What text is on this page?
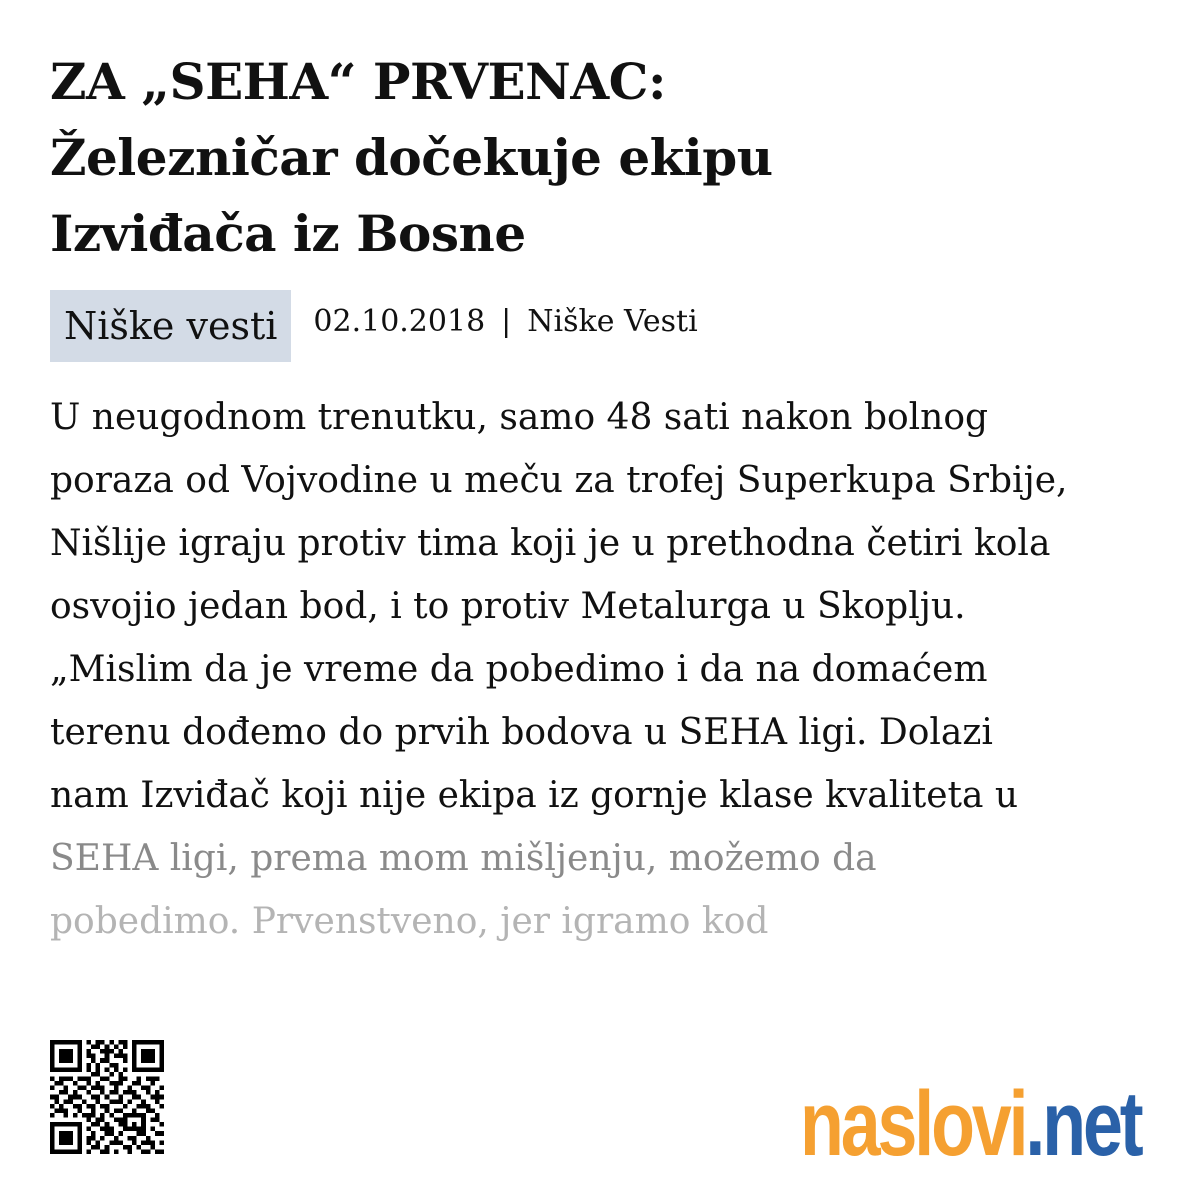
ZA „SEHA“ PRVENAC:
Železničar dočekuje ekipu
Izviđača iz Bosne
Niške vesti	02.10.2018 | Niške Vesti
U neugodnom trenutku, samo 48 sati nakon bolnog
poraza od Vojvodine u meču za trofej Superkupa Srbije,
Nišlije igraju protiv tima koji je u prethodna četiri kola
osvojio jedan bod, i to protiv Metalurga u Skoplju.
„Mislim da je vreme da pobedimo i da na domaćem
terenu dođemo do prvih bodova u SEHA ligi. Dolazi
nam Izviđač koji nije ekipa iz gornje klase kvaliteta u
SEHA ligi, prema mom mišljenju, možemo da
pobedimo. Prvenstveno, jer igramo kod
naslovi . net
